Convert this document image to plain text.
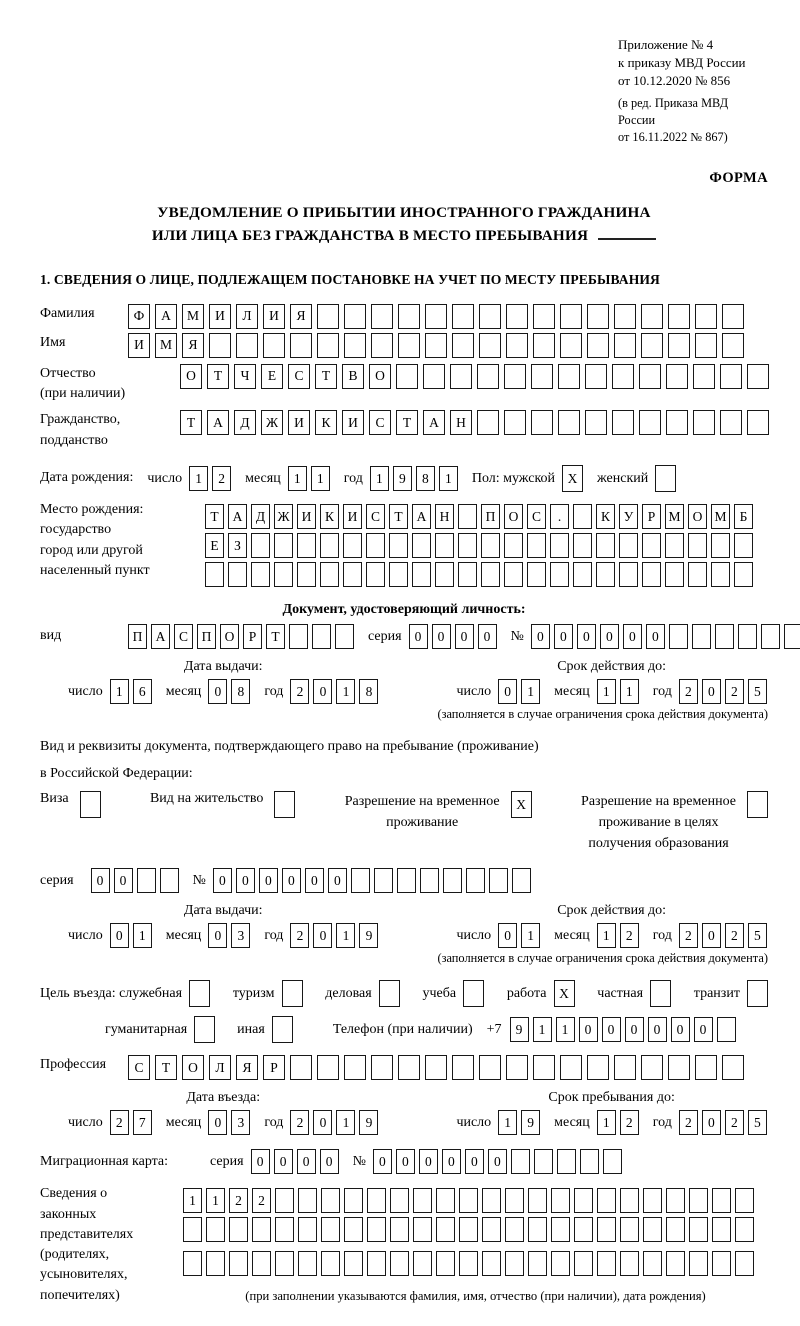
Приложение № 4
к приказу МВД России
от 10.12.2020 № 856
(в ред. Приказа МВД России
от 16.11.2022 № 867)
ФОРМА
УВЕДОМЛЕНИЕ О ПРИБЫТИИ ИНОСТРАННОГО ГРАЖДАНИНА
ИЛИ ЛИЦА БЕЗ ГРАЖДАНСТВА В МЕСТО ПРЕБЫВАНИЯ
1. СВЕДЕНИЯ О ЛИЦЕ, ПОДЛЕЖАЩЕМ ПОСТАНОВКЕ НА УЧЕТ ПО МЕСТУ ПРЕБЫВАНИЯ
Фамилия	Ф	А	М	И	Л	И	Я
Имя	И	М	Я
Отчество
(при наличии)
О	Т	Ч	Е	С	Т	В	О
Гражданство,
подданство
Т	А	Д	Ж	И	К	И	С	Т	А	Н
Дата рождения: число 1	2	месяц 1	1	год 1	9	8	1	Пол: мужской X	женский
Место рождения:
государство
город или другой
населенный пункт
Т	А	Д Ж И	К	И	С	Т	А Н	П О	С	.	К	У	Р М О М Б

Е	З

Документ, удостоверяющий личность:
вид	П А	С	П О	Р	Т	серия 0	0	0	0	№ 0	0	0	0	0	0
Дата выдачи:
число 1	6	месяц 0	8	год 2	0	1	8
Срок действия до:
число 0	1	месяц 1	1	год 2	0	2	5
(заполняется в случае ограничения срока действия документа)
Вид и реквизиты документа, подтверждающего право на пребывание (проживание)
в Российской Федерации:
Виза	Вид на жительство	Разрешение на временное
проживание
X	Разрешение на временное
проживание в целях
получения образования
серия	0	0	№ 0	0	0	0	0	0
Дата выдачи:
число 0	1	месяц 0	3	год 2	0	1	9
Срок действия до:
число 0	1	месяц 1	2	год 2	0	2	5
(заполняется в случае ограничения срока действия документа)
Цель въезда: служебная	туризм	деловая	учеба	работа X	частная	транзит
гуманитарная	иная	Телефон (при наличии) +7	9	1	1	0	0	0	0	0	0
Профессия	С	Т	О	Л	Я	Р
Дата въезда:
число 2	7	месяц 0	3	год 2	0	1	9
Срок пребывания до:
число 1	9	месяц 1	2	год 2	0	2	5
Миграционная карта:	серия 0	0	0	0	№ 0	0	0	0	0	0
Сведения о
законных
представителях
(родителях,
усыновителях,
попечителях)
1	1	2	2

(при заполнении указываются фамилия, имя, отчество (при наличии), дата рождения)
